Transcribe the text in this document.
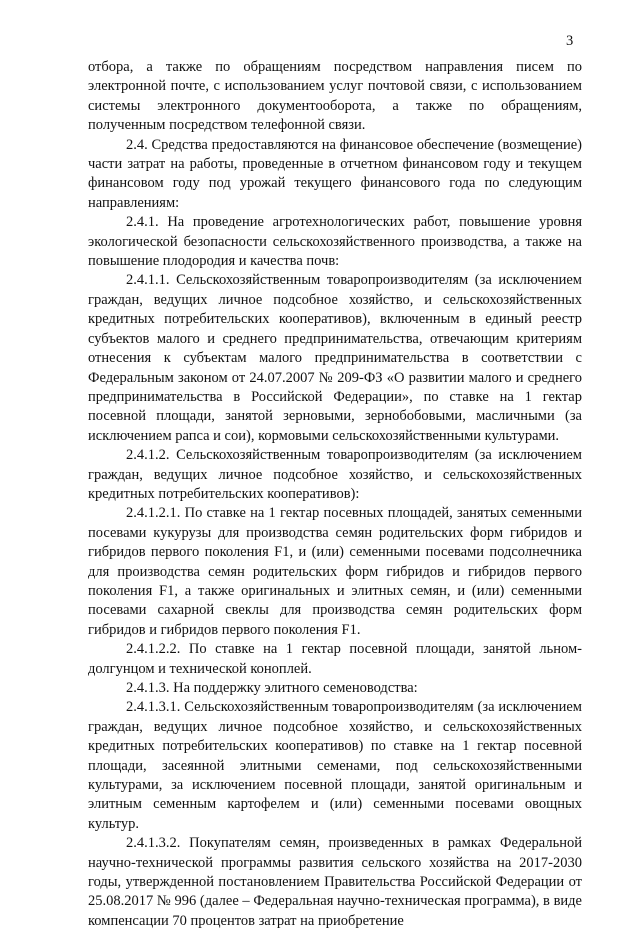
3

отбора, а также по обращениям посредством направления писем по электронной почте, с использованием услуг почтовой связи, с использованием системы электронного документооборота, а также по обращениям, полученным посредством телефонной связи.

2.4. Средства предоставляются на финансовое обеспечение (возмещение) части затрат на работы, проведенные в отчетном финансовом году и текущем финансовом году под урожай текущего финансового года по следующим направлениям:

2.4.1. На проведение агротехнологических работ, повышение уровня экологической безопасности сельскохозяйственного производства, а также на повышение плодородия и качества почв:

2.4.1.1. Сельскохозяйственным товаропроизводителям (за исключением граждан, ведущих личное подсобное хозяйство, и сельскохозяйственных кредитных потребительских кооперативов), включенным в единый реестр субъектов малого и среднего предпринимательства, отвечающим критериям отнесения к субъектам малого предпринимательства в соответствии с Федеральным законом от 24.07.2007 № 209-ФЗ «О развитии малого и среднего предпринимательства в Российской Федерации», по ставке на 1 гектар посевной площади, занятой зерновыми, зернобобовыми, масличными (за исключением рапса и сои), кормовыми сельскохозяйственными культурами.

2.4.1.2. Сельскохозяйственным товаропроизводителям (за исключением граждан, ведущих личное подсобное хозяйство, и сельскохозяйственных кредитных потребительских кооперативов):

2.4.1.2.1. По ставке на 1 гектар посевных площадей, занятых семенными посевами кукурузы для производства семян родительских форм гибридов и гибридов первого поколения F1, и (или) семенными посевами подсолнечника для производства семян родительских форм гибридов и гибридов первого поколения F1, а также оригинальных и элитных семян, и (или) семенными посевами сахарной свеклы для производства семян родительских форм гибридов и гибридов первого поколения F1.

2.4.1.2.2. По ставке на 1 гектар посевной площади, занятой льном-долгунцом и технической коноплей.

2.4.1.3. На поддержку элитного семеноводства:

2.4.1.3.1. Сельскохозяйственным товаропроизводителям (за исключением граждан, ведущих личное подсобное хозяйство, и сельскохозяйственных кредитных потребительских кооперативов) по ставке на 1 гектар посевной площади, засеянной элитными семенами, под сельскохозяйственными культурами, за исключением посевной площади, занятой оригинальным и элитным семенным картофелем и (или) семенными посевами овощных культур.

2.4.1.3.2. Покупателям семян, произведенных в рамках Федеральной научно-технической программы развития сельского хозяйства на 2017-2030 годы, утвержденной постановлением Правительства Российской Федерации от 25.08.2017 № 996 (далее – Федеральная научно-техническая программа), в виде компенсации 70 процентов затрат на приобретение
